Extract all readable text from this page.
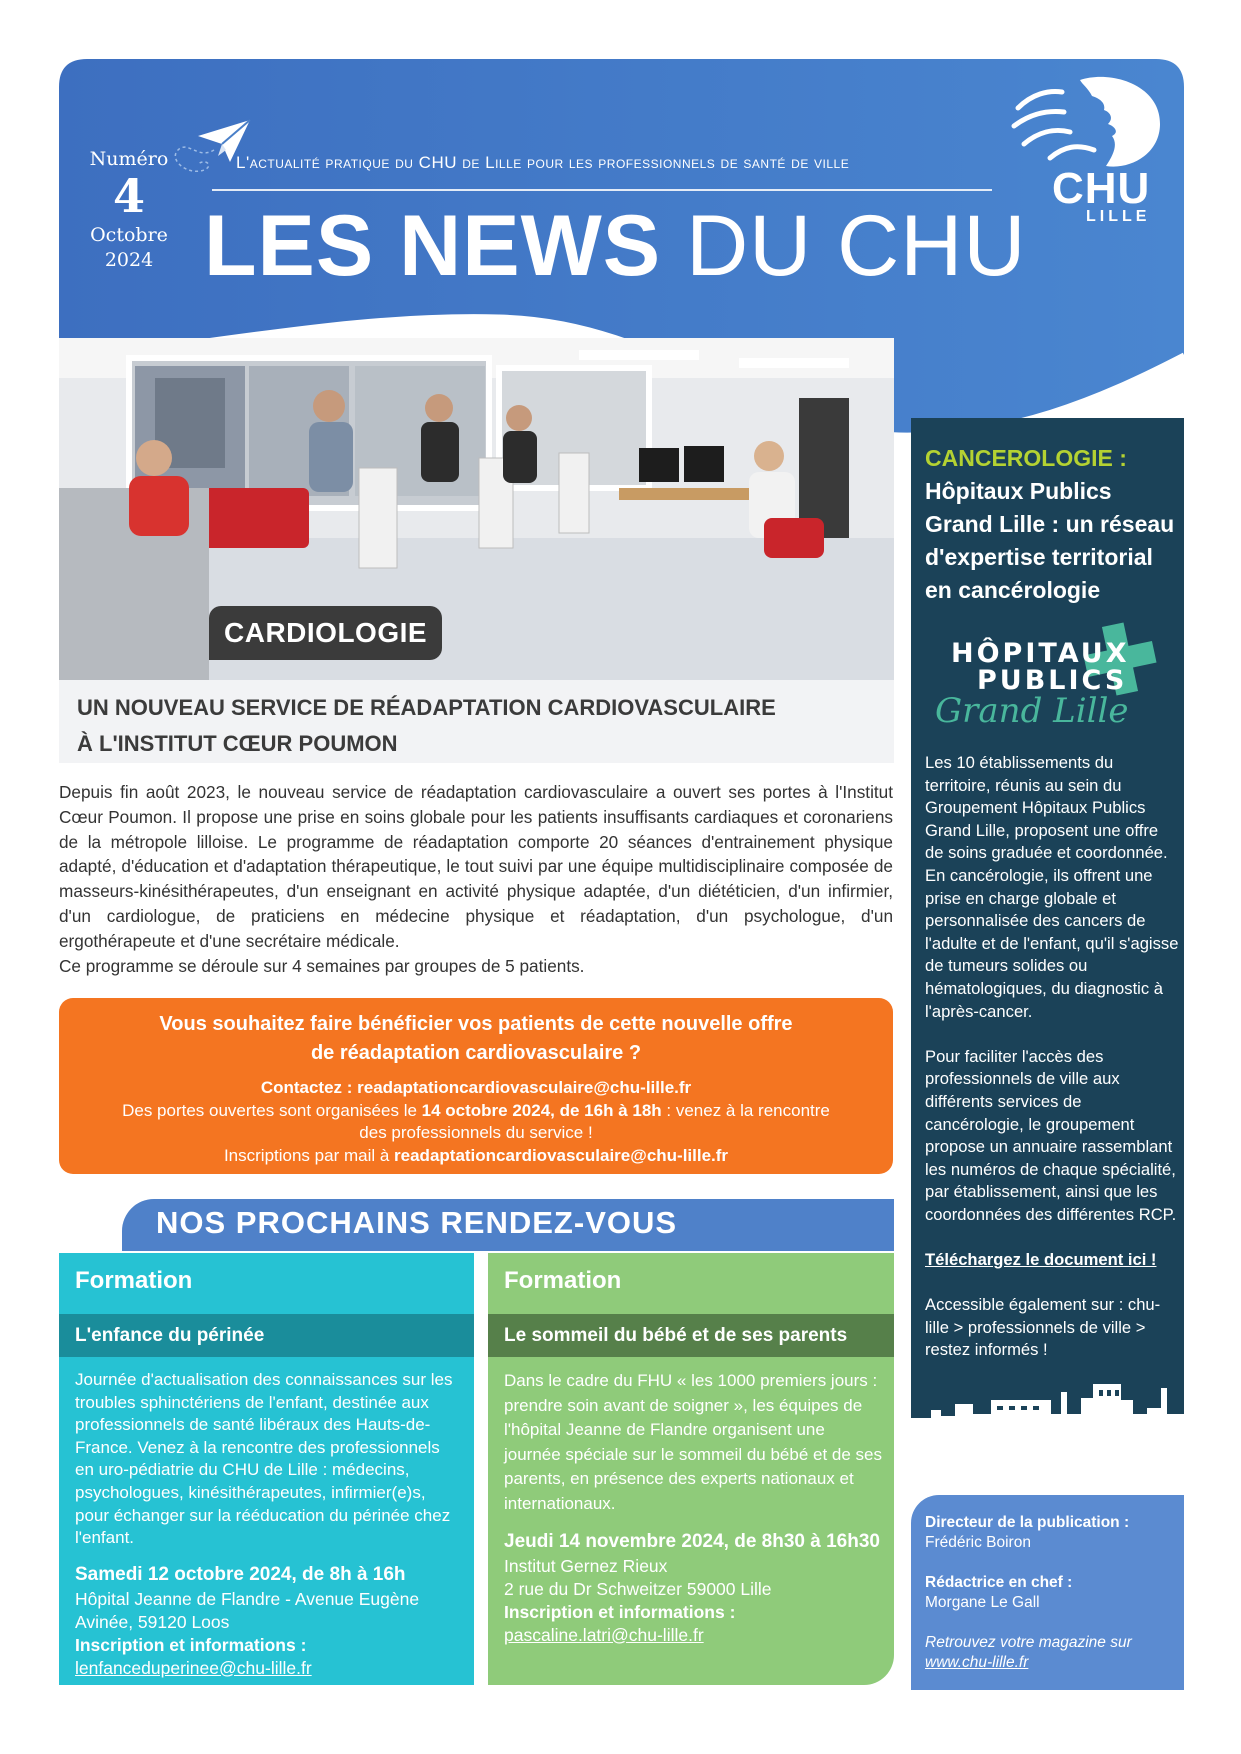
Numéro
4
Octobre
2024
L'actualité pratique du CHU de Lille pour les professionnels de santé de ville
LES NEWS DU CHU
CHU
LILLE
CARDIOLOGIE
UN NOUVEAU SERVICE DE RÉADAPTATION CARDIOVASCULAIRE
À L'INSTITUT CŒUR POUMON

Depuis fin août 2023, le nouveau service de réadaptation cardiovasculaire a ouvert ses portes à l'Institut Cœur Poumon. Il propose une prise en soins globale pour les patients insuffisants cardiaques et coronariens de la métropole lilloise. Le programme de réadaptation comporte 20 séances d'entrainement physique adapté, d'éducation et d'adaptation thérapeutique, le tout suivi par une équipe multidisciplinaire composée de masseurs-kinésithérapeutes, d'un enseignant en activité physique adaptée, d'un diététicien, d'un infirmier, d'un cardiologue, de praticiens en médecine physique et réadaptation, d'un psychologue, d'un ergothérapeute et d'une secrétaire médicale.

Ce programme se déroule sur 4 semaines par groupes de 5 patients.

Vous souhaitez faire bénéficier vos patients de cette nouvelle offre
de réadaptation cardiovasculaire ?
Contactez : readaptationcardiovasculaire@chu-lille.fr
Des portes ouvertes sont organisées le 14 octobre 2024, de 16h à 18h : venez à la rencontre
des professionnels du service !
Inscriptions par mail à readaptationcardiovasculaire@chu-lille.fr
NOS PROCHAINS RENDEZ-VOUS
Formation
L'enfance du périnée
Journée d'actualisation des connaissances sur les troubles sphinctériens de l'enfant, destinée aux professionnels de santé libéraux des Hauts-de-France. Venez à la rencontre des professionnels en uro-pédiatrie du CHU de Lille : médecins, psychologues, kinésithérapeutes, infirmier(e)s, pour échanger sur la rééducation du périnée chez l'enfant.
Samedi 12 octobre 2024, de 8h à 16h
Hôpital Jeanne de Flandre - Avenue Eugène Avinée, 59120 Loos
Inscription et informations :
lenfanceduperinee@chu-lille.fr
Formation
Le sommeil du bébé et de ses parents
Dans le cadre du FHU « les 1000 premiers jours : prendre soin avant de soigner », les équipes de l'hôpital Jeanne de Flandre organisent une journée spéciale sur le sommeil du bébé et de ses parents, en présence des experts nationaux et internationaux.
Jeudi 14 novembre 2024, de 8h30 à 16h30
Institut Gernez Rieux
2 rue du Dr Schweitzer 59000 Lille
Inscription et informations :
pascaline.latri@chu-lille.fr
CANCEROLOGIE :
Hôpitaux Publics Grand Lille : un réseau d'expertise territorial en cancérologie
HÔPITAUX
PUBLICS
Grand Lille

Les 10 établissements du territoire, réunis au sein du Groupement Hôpitaux Publics Grand Lille, proposent une offre de soins graduée et coordonnée. En cancérologie, ils offrent une prise en charge globale et personnalisée des cancers de l'adulte et de l'enfant, qu'il s'agisse de tumeurs solides ou hématologiques, du diagnostic à l'après-cancer.

Pour faciliter l'accès des professionnels de ville aux différents services de cancérologie, le groupement propose un annuaire rassemblant les numéros de chaque spécialité, par établissement, ainsi que les coordonnées des différentes RCP.

Téléchargez le document ici !

Accessible également sur : chu-lille > professionnels de ville > restez informés !

Directeur de la publication :
Frédéric Boiron
Rédactrice en chef :
Morgane Le Gall
Retrouvez votre magazine sur
www.chu-lille.fr
